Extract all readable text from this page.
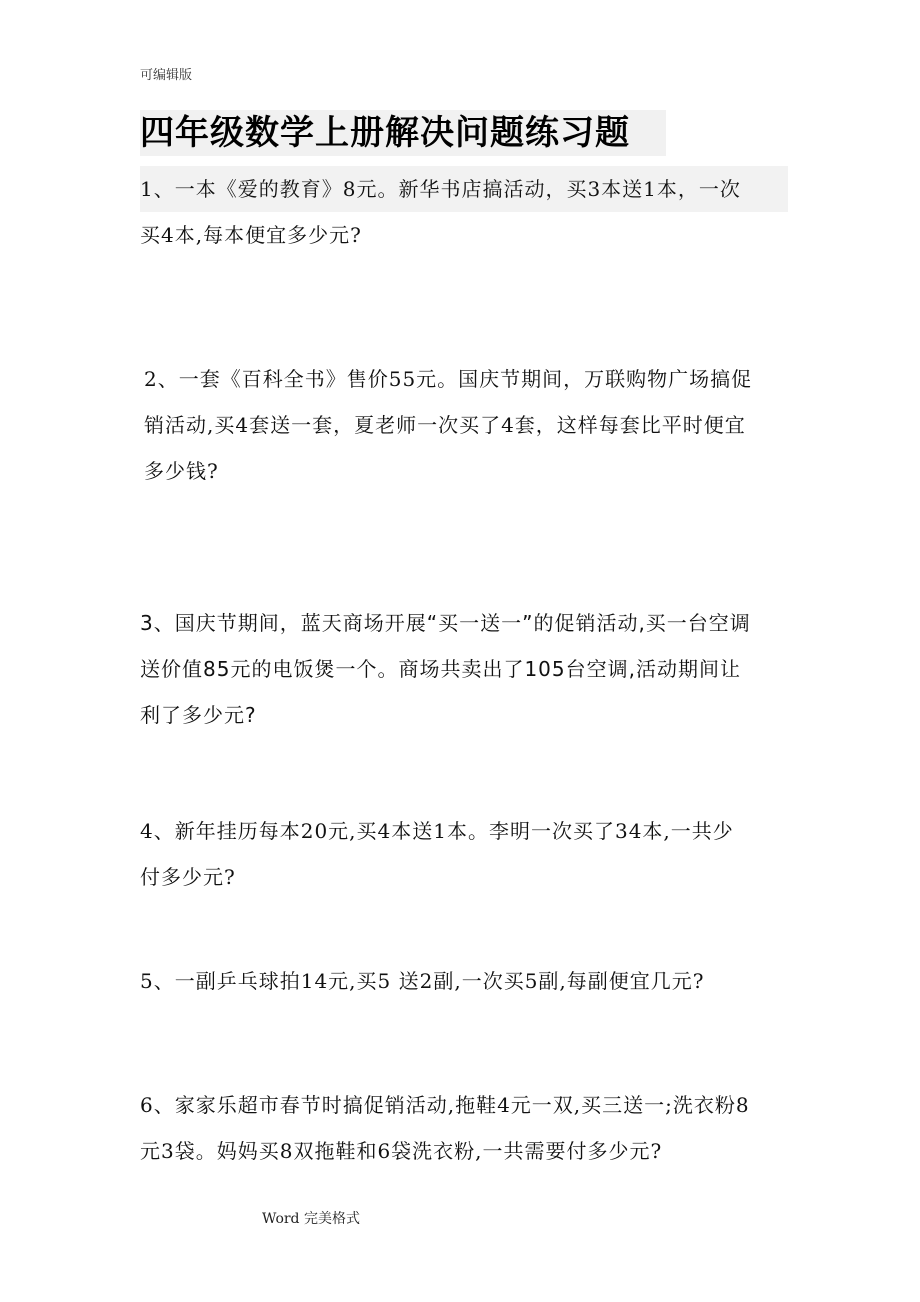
可编辑版
四年级数学上册解决问题练习题
1、一本《爱的教育》8元。新华书店搞活动，买3本送1本，一次
买4本,每本便宜多少元?
2、一套《百科全书》售价55元。国庆节期间，万联购物广场搞促
销活动,买4套送一套，夏老师一次买了4套，这样每套比平时便宜
多少钱?
3、国庆节期间，蓝天商场开展“买一送一”的促销活动,买一台空调
送价值85元的电饭煲一个。商场共卖出了105台空调,活动期间让
利了多少元?
4、新年挂历每本20元,买4本送1本。李明一次买了34本,一共少
付多少元?
5、一副乒乓球拍14元,买5 送2副,一次买5副,每副便宜几元?
6、家家乐超市春节时搞促销活动,拖鞋4元一双,买三送一;洗衣粉8
元3袋。妈妈买8双拖鞋和6袋洗衣粉,一共需要付多少元?
Word 完美格式
